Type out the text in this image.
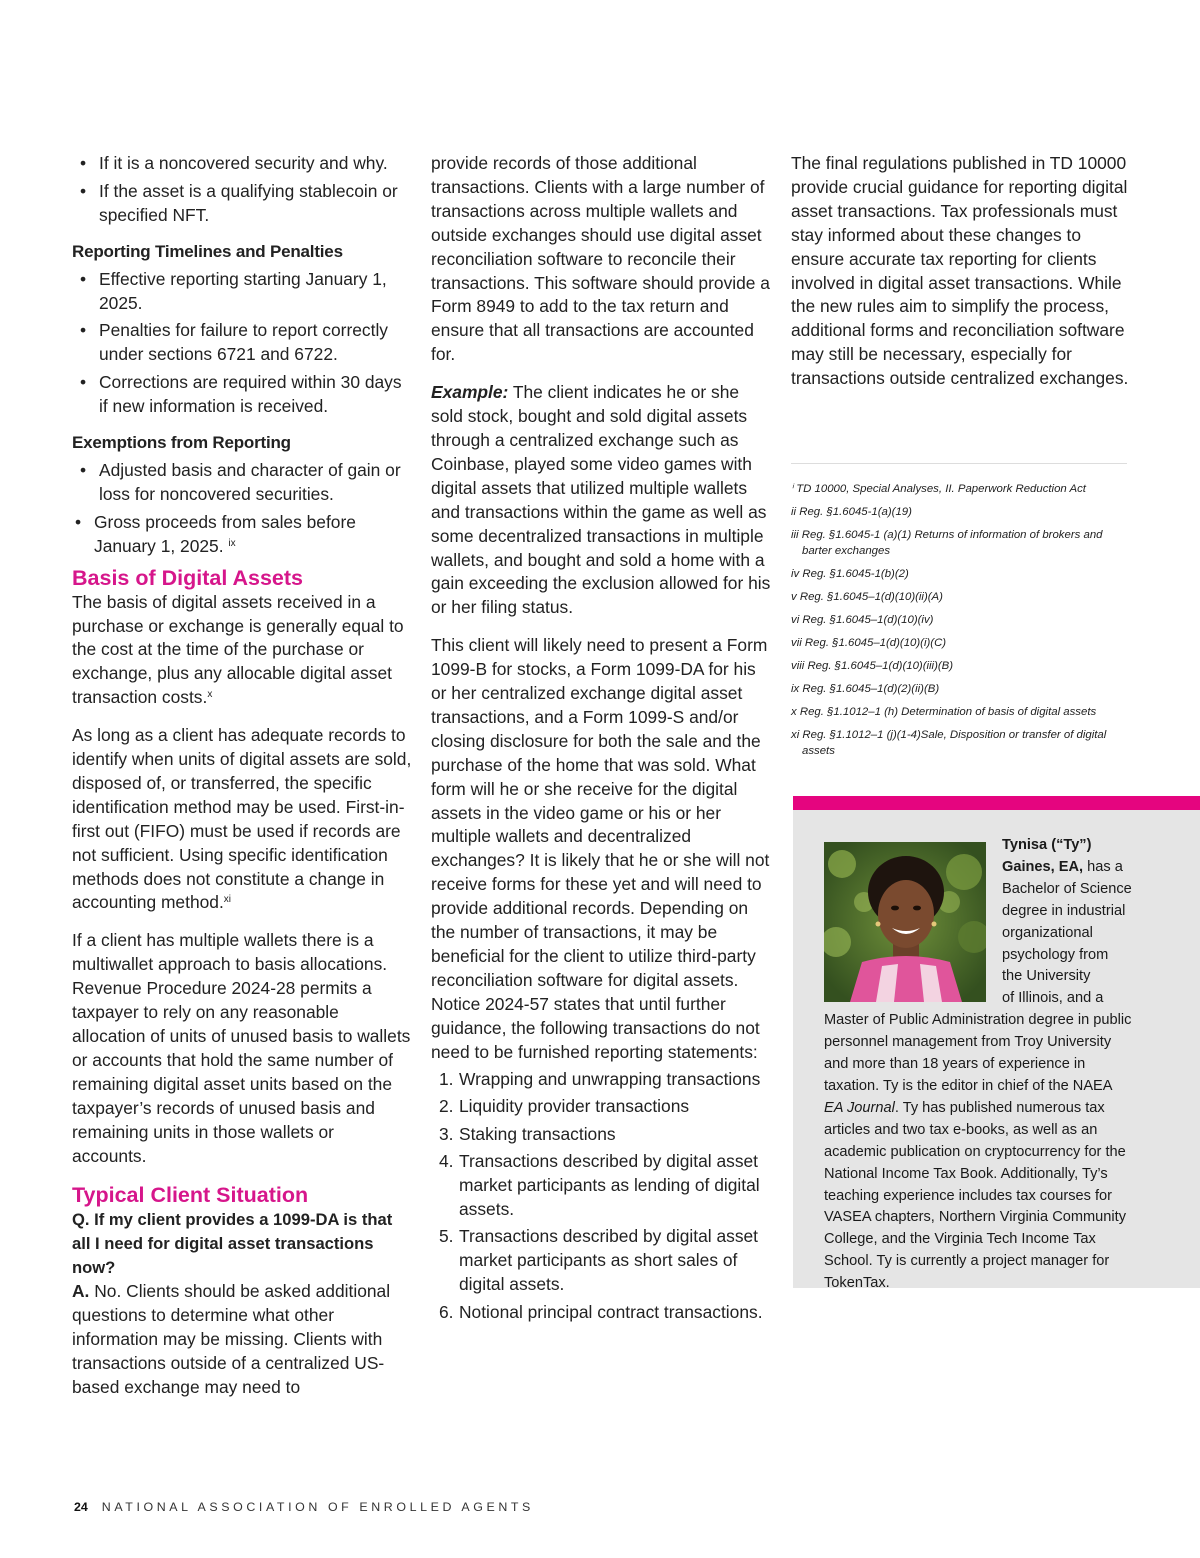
• If it is a noncovered security and why.
• If the asset is a qualifying stablecoin or specified NFT.
Reporting Timelines and Penalties
• Effective reporting starting January 1, 2025.
• Penalties for failure to report correctly under sections 6721 and 6722.
• Corrections are required within 30 days if new information is received.
Exemptions from Reporting
• Adjusted basis and character of gain or loss for noncovered securities.
• Gross proceeds from sales before January 1, 2025. $^{ix}$
Basis of Digital Assets

The basis of digital assets received in a purchase or exchange is generally equal to the cost at the time of the purchase or exchange, plus any allocable digital asset transaction costs.$^x$

As long as a client has adequate records to identify when units of digital assets are sold, disposed of, or transferred, the specific identification method may be used. First-in-first out (FIFO) must be used if records are not sufficient. Using specific identification methods does not constitute a change in accounting method.$^{xi}$

If a client has multiple wallets there is a multiwallet approach to basis allocations. Revenue Procedure 2024-28 permits a taxpayer to rely on any reasonable allocation of units of unused basis to wallets or accounts that hold the same number of remaining digital asset units based on the taxpayer’s records of unused basis and remaining units in those wallets or accounts.

Typical Client Situation

Q. If my client provides a 1099-DA is that all I need for digital asset transactions now?

A. No. Clients should be asked additional questions to determine what other information may be missing. Clients with transactions outside of a centralized US-based exchange may need to

provide records of those additional transactions. Clients with a large number of transactions across multiple wallets and outside exchanges should use digital asset reconciliation software to reconcile their transactions. This software should provide a Form 8949 to add to the tax return and ensure that all transactions are accounted for.

Example: The client indicates he or she sold stock, bought and sold digital assets through a centralized exchange such as Coinbase, played some video games with digital assets that utilized multiple wallets and transactions within the game as well as some decentralized transactions in multiple wallets, and bought and sold a home with a gain exceeding the exclusion allowed for his or her filing status.

This client will likely need to present a Form 1099-B for stocks, a Form 1099-DA for his or her centralized exchange digital asset transactions, and a Form 1099-S and/or closing disclosure for both the sale and the purchase of the home that was sold. What form will he or she receive for the digital assets in the video game or his or her multiple wallets and decentralized exchanges? It is likely that he or she will not receive forms for these yet and will need to provide additional records. Depending on the number of transactions, it may be beneficial for the client to utilize third-party reconciliation software for digital assets. Notice 2024-57 states that until further guidance, the following transactions do not need to be furnished reporting statements:

1. Wrapping and unwrapping transactions
2. Liquidity provider transactions
3. Staking transactions
4. Transactions described by digital asset market participants as lending of digital assets.
5. Transactions described by digital asset market participants as short sales of digital assets.
6. Notional principal contract transactions.

The final regulations published in TD 10000 provide crucial guidance for reporting digital asset transactions. Tax professionals must stay informed about these changes to ensure accurate tax reporting for clients involved in digital asset transactions. While the new rules aim to simplify the process, additional forms and reconciliation software may still be necessary, especially for transactions outside centralized exchanges.

ⁱ TD 10000, Special Analyses, II. Paperwork Reduction Act
ii Reg. §1.6045-1(a)(19)
iii Reg. §1.6045-1 (a)(1) Returns of information of brokers and barter exchanges
iv Reg. §1.6045-1(b)(2)
v Reg. §1.6045–1(d)(10)(ii)(A)
vi Reg. §1.6045–1(d)(10)(iv)
vii Reg. §1.6045–1(d)(10)(i)(C)
viii Reg. §1.6045–1(d)(10)(iii)(B)
ix Reg. §1.6045–1(d)(2)(ii)(B)
x Reg. §1.1012–1 (h) Determination of basis of digital assets
xi Reg. §1.1012–1 (j)(1-4)Sale, Disposition or transfer of digital assets
Tynisa (“Ty”) Gaines, EA, has a
Bachelor of Science
degree in industrial
organizational
psychology from
the University
of Illinois, and a
Master of Public Administration degree in public personnel management from Troy University and more than 18 years of experience in taxation. Ty is the editor in chief of the NAEA EA Journal. Ty has published numerous tax articles and two tax e-books, as well as an academic publication on cryptocurrency for the National Income Tax Book. Additionally, Ty’s teaching experience includes tax courses for VASEA chapters, Northern Virginia Community College, and the Virginia Tech Income Tax School. Ty is currently a project manager for TokenTax.
24 NATIONAL ASSOCIATION OF ENROLLED AGENTS
